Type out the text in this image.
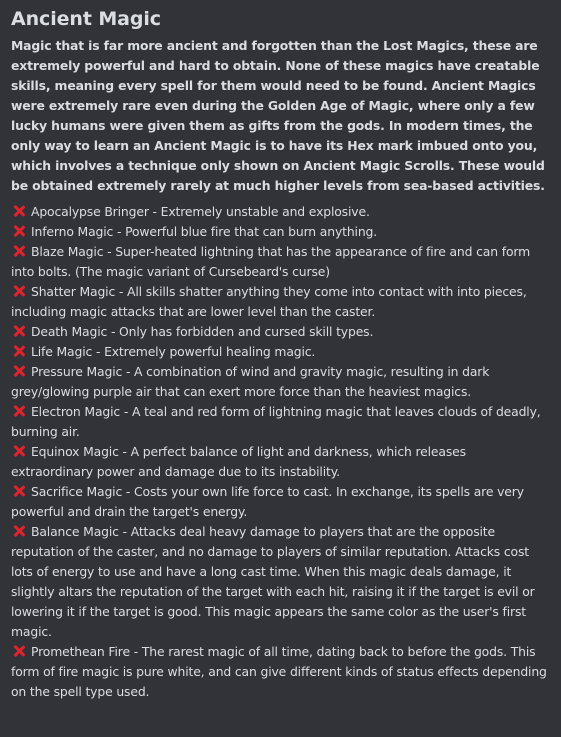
Ancient Magic
Magic that is far more ancient and forgotten than the Lost Magics, these are extremely powerful and hard to obtain. None of these magics have creatable skills, meaning every spell for them would need to be found. Ancient Magics were extremely rare even during the Golden Age of Magic, where only a few lucky humans were given them as gifts from the gods. In modern times, the only way to learn an Ancient Magic is to have its Hex mark imbued onto you, which involves a technique only shown on Ancient Magic Scrolls. These would be obtained extremely rarely at much higher levels from sea-based activities.
Apocalypse Bringer - Extremely unstable and explosive.
Inferno Magic - Powerful blue fire that can burn anything.
Blaze Magic - Super-heated lightning that has the appearance of fire and can form into bolts. (The magic variant of Cursebeard's curse)
Shatter Magic - All skills shatter anything they come into contact with into pieces, including magic attacks that are lower level than the caster.
Death Magic - Only has forbidden and cursed skill types.
Life Magic - Extremely powerful healing magic.
Pressure Magic - A combination of wind and gravity magic, resulting in dark grey/glowing purple air that can exert more force than the heaviest magics.
Electron Magic - A teal and red form of lightning magic that leaves clouds of deadly, burning air.
Equinox Magic - A perfect balance of light and darkness, which releases extraordinary power and damage due to its instability.
Sacrifice Magic - Costs your own life force to cast. In exchange, its spells are very powerful and drain the target's energy.
Balance Magic - Attacks deal heavy damage to players that are the opposite reputation of the caster, and no damage to players of similar reputation. Attacks cost lots of energy to use and have a long cast time. When this magic deals damage, it slightly altars the reputation of the target with each hit, raising it if the target is evil or lowering it if the target is good. This magic appears the same color as the user's first magic.
Promethean Fire - The rarest magic of all time, dating back to before the gods. This form of fire magic is pure white, and can give different kinds of status effects depending on the spell type used.
